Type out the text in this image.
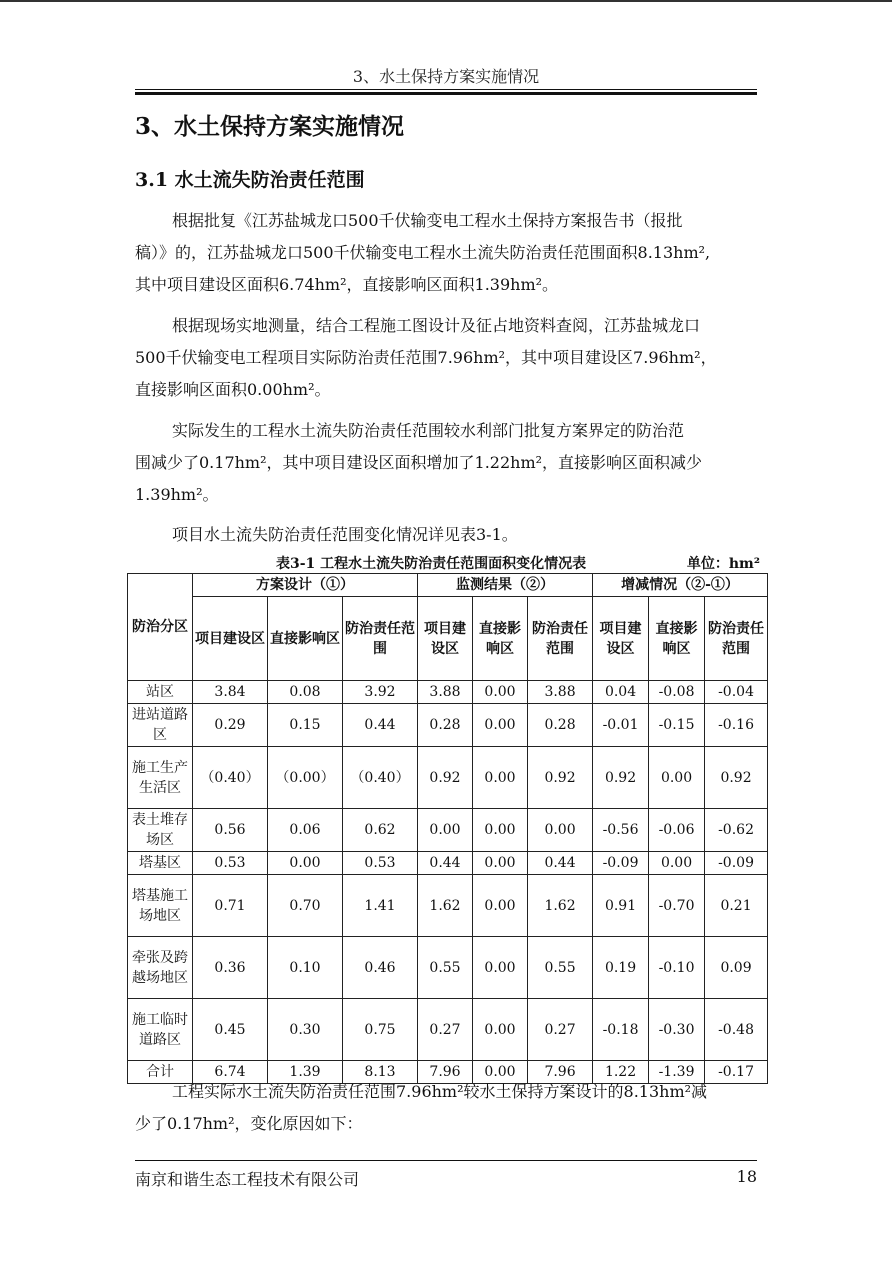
3、水土保持方案实施情况
3、水土保持方案实施情况
3.1 水土流失防治责任范围

根据批复《江苏盐城龙口500千伏输变电工程水土保持方案报告书（报批
稿）》的，江苏盐城龙口500千伏输变电工程水土流失防治责任范围面积8.13hm²,
其中项目建设区面积6.74hm²，直接影响区面积1.39hm²。

根据现场实地测量，结合工程施工图设计及征占地资料查阅，江苏盐城龙口
500千伏输变电工程项目实际防治责任范围7.96hm²，其中项目建设区7.96hm²，
直接影响区面积0.00hm²。

实际发生的工程水土流失防治责任范围较水利部门批复方案界定的防治范
围减少了0.17hm²，其中项目建设区面积增加了1.22hm²，直接影响区面积减少
1.39hm²。

项目水土流失防治责任范围变化情况详见表3-1。

表3-1 工程水土流失防治责任范围面积变化情况表	单位：hm²
防治分区	方案设计（①）			监测结果（②）			增减情况（②-①）		
	项目建设区	直接影响区	防治责任范围	项目建设区	直接影响区	防治责任范围	项目建设区	直接影响区	防治责任范围
站区	3.84	0.08	3.92	3.88	0.00	3.88	0.04	-0.08	-0.04
进站道路区	0.29	0.15	0.44	0.28	0.00	0.28	-0.01	-0.15	-0.16
施工生产生活区	（0.40）	（0.00）	（0.40）	0.92	0.00	0.92	0.92	0.00	0.92
表土堆存场区	0.56	0.06	0.62	0.00	0.00	0.00	-0.56	-0.06	-0.62
塔基区	0.53	0.00	0.53	0.44	0.00	0.44	-0.09	0.00	-0.09
塔基施工场地区	0.71	0.70	1.41	1.62	0.00	1.62	0.91	-0.70	0.21
牵张及跨越场地区	0.36	0.10	0.46	0.55	0.00	0.55	0.19	-0.10	0.09
施工临时道路区	0.45	0.30	0.75	0.27	0.00	0.27	-0.18	-0.30	-0.48
合计	6.74	1.39	8.13	7.96	0.00	7.96	1.22	-1.39	-0.17

工程实际水土流失防治责任范围7.96hm²较水土保持方案设计的8.13hm²减
少了0.17hm²，变化原因如下：

南京和谐生态工程技术有限公司	18
